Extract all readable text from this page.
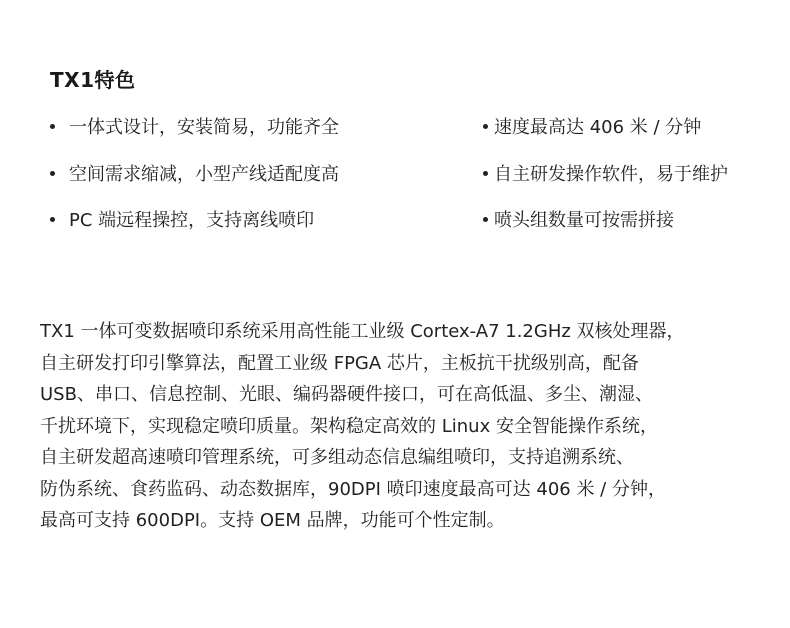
TX1特色
一体式设计，安装简易，功能齐全
空间需求缩减，小型产线适配度高
PC 端远程操控，支持离线喷印
速度最高达 406 米 / 分钟
自主研发操作软件，易于维护
喷头组数量可按需拼接
TX1 一体可变数据喷印系统采用高性能工业级 Cortex-A7 1.2GHz 双核处理器，
自主研发打印引擎算法，配置工业级 FPGA 芯片，主板抗干扰级别高，配备
USB、串口、信息控制、光眼、编码器硬件接口，可在高低温、多尘、潮湿、
千扰环境下，实现稳定喷印质量。架构稳定高效的 Linux 安全智能操作系统，
自主研发超高速喷印管理系统，可多组动态信息编组喷印，支持追溯系统、
防伪系统、食药监码、动态数据库，90DPI 喷印速度最高可达 406 米 / 分钟，
最高可支持 600DPI。支持 OEM 品牌，功能可个性定制。
